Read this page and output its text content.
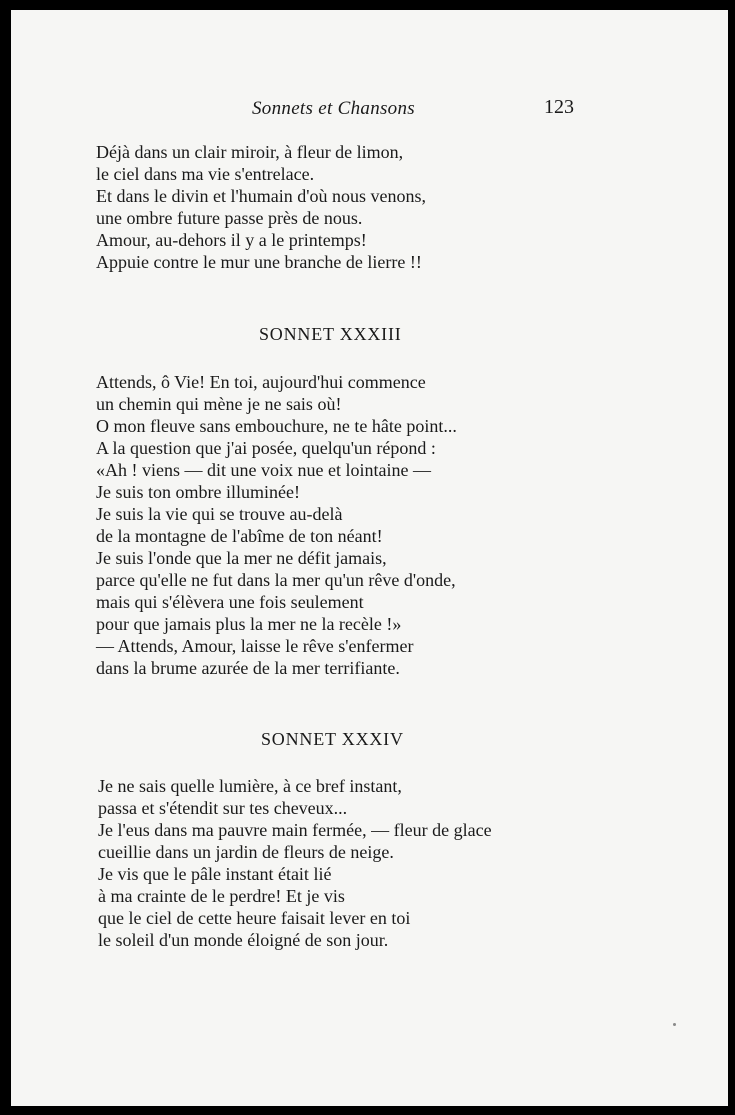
Sonnets et Chansons	123
Déjà dans un clair miroir, à fleur de limon,
le ciel dans ma vie s'entrelace.
Et dans le divin et l'humain d'où nous venons,
une ombre future passe près de nous.
Amour, au-dehors il y a le printemps!
Appuie contre le mur une branche de lierre !!
SONNET XXXIII
Attends, ô Vie! En toi, aujourd'hui commence
un chemin qui mène je ne sais où!
O mon fleuve sans embouchure, ne te hâte point...
A la question que j'ai posée, quelqu'un répond :
«Ah ! viens — dit une voix nue et lointaine —
Je suis ton ombre illuminée!
Je suis la vie qui se trouve au-delà
de la montagne de l'abîme de ton néant!
Je suis l'onde que la mer ne défit jamais,
parce qu'elle ne fut dans la mer qu'un rêve d'onde,
mais qui s'élèvera une fois seulement
pour que jamais plus la mer ne la recèle !»
— Attends, Amour, laisse le rêve s'enfermer
dans la brume azurée de la mer terrifiante.
SONNET XXXIV
Je ne sais quelle lumière, à ce bref instant,
passa et s'étendit sur tes cheveux...
Je l'eus dans ma pauvre main fermée, — fleur de glace
cueillie dans un jardin de fleurs de neige.
Je vis que le pâle instant était lié
à ma crainte de le perdre! Et je vis
que le ciel de cette heure faisait lever en toi
le soleil d'un monde éloigné de son jour.
